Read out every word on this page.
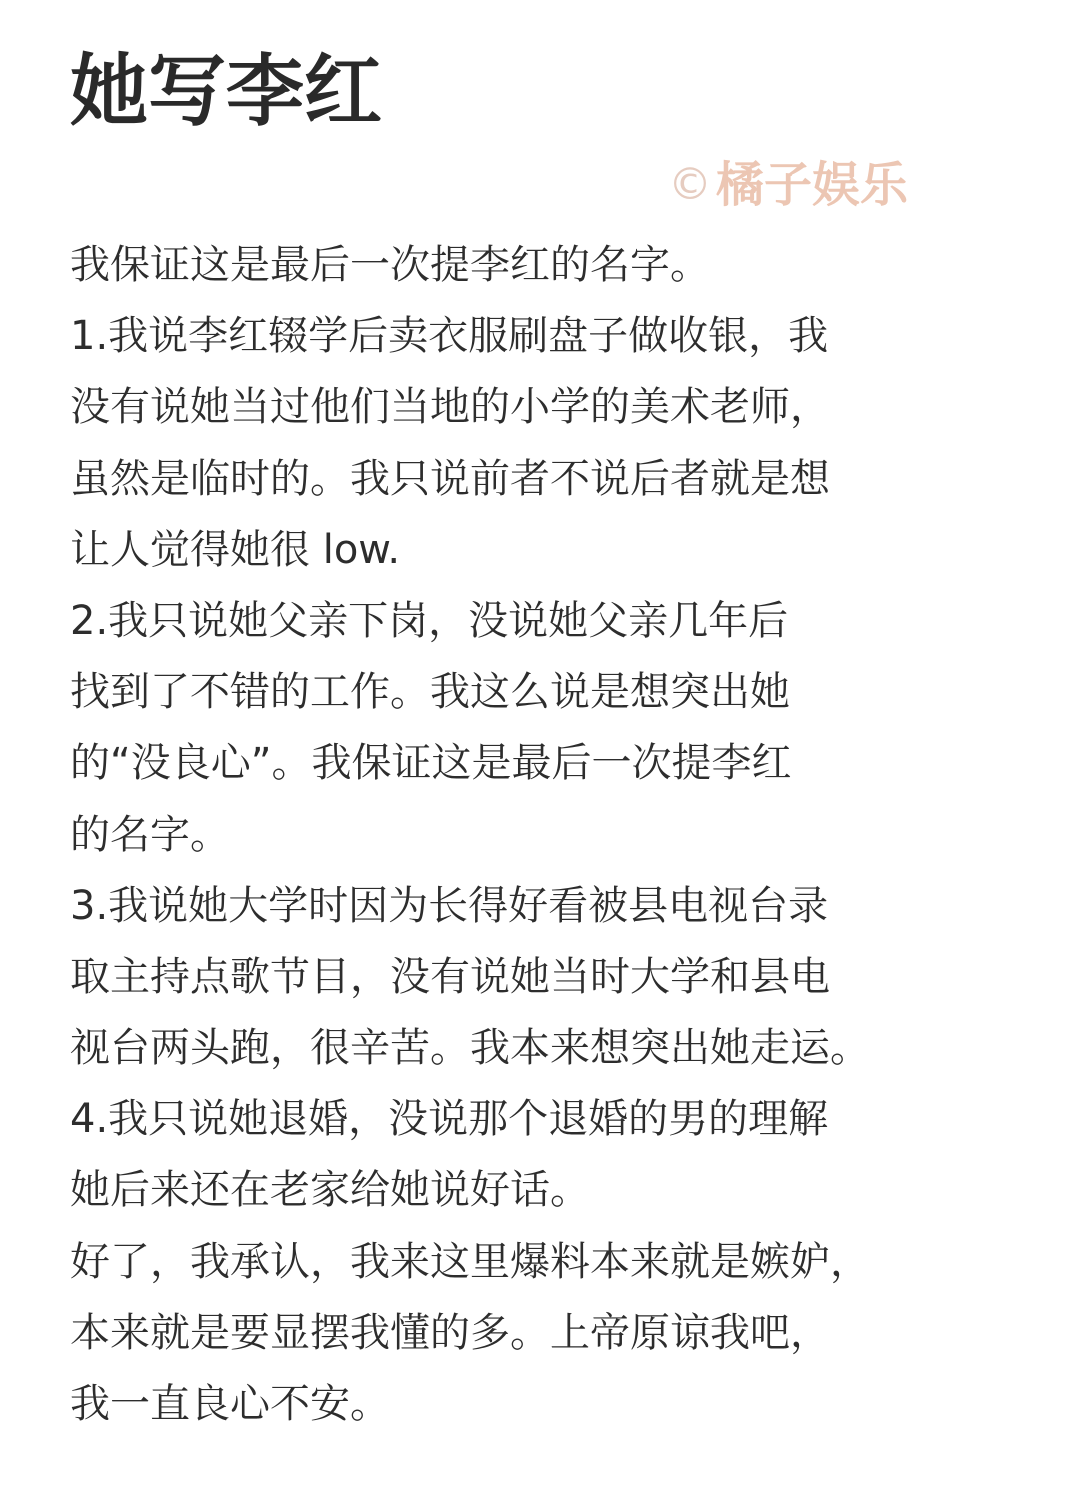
她写李红
© 橘子娱乐
我保证这是最后一次提李红的名字。
1.我说李红辍学后卖衣服刷盘子做收银，我
没有说她当过他们当地的小学的美术老师，
虽然是临时的。我只说前者不说后者就是想
让人觉得她很 low.
2.我只说她父亲下岗，没说她父亲几年后
找到了不错的工作。我这么说是想突出她
的“没良心”。我保证这是最后一次提李红
的名字。
3.我说她大学时因为长得好看被县电视台录
取主持点歌节目，没有说她当时大学和县电
视台两头跑，很辛苦。我本来想突出她走运。
4.我只说她退婚，没说那个退婚的男的理解
她后来还在老家给她说好话。
好了，我承认，我来这里爆料本来就是嫉妒，
本来就是要显摆我懂的多。上帝原谅我吧，
我一直良心不安。
